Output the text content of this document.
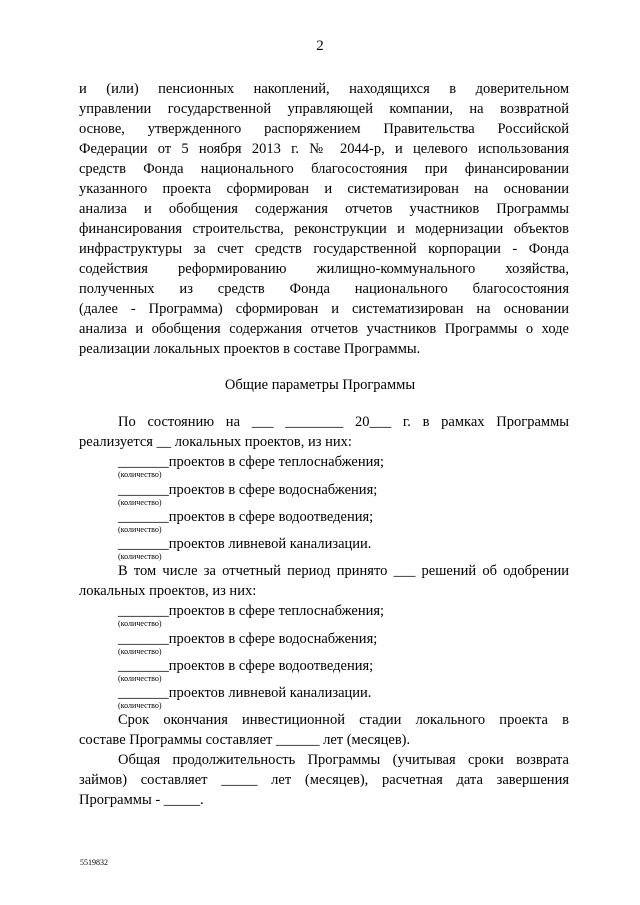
2
и (или) пенсионных накоплений, находящихся в доверительном
управлении государственной управляющей компании, на возвратной
основе, утвержденного распоряжением Правительства Российской
Федерации от 5 ноября 2013 г. № 2044-р, и целевого использования
средств Фонда национального благосостояния при финансировании
указанного проекта сформирован и систематизирован на основании
анализа и обобщения содержания отчетов участников Программы
финансирования строительства, реконструкции и модернизации объектов
инфраструктуры за счет средств государственной корпорации - Фонда
содействия реформированию жилищно-коммунального хозяйства,
полученных из средств Фонда национального благосостояния
(далее - Программа) сформирован и систематизирован на основании
анализа и обобщения содержания отчетов участников Программы о ходе
реализации локальных проектов в составе Программы.
Общие параметры Программы
По состоянию на ___ ________ 20___ г. в рамках Программы
реализуется __ локальных проектов, из них:
_______проектов в сфере теплоснабжения;
(количество)
_______проектов в сфере водоснабжения;
(количество)
_______проектов в сфере водоотведения;
(количество)
_______проектов ливневой канализации.
(количество)
В том числе за отчетный период принято ___ решений об одобрении
локальных проектов, из них:
_______проектов в сфере теплоснабжения;
(количество)
_______проектов в сфере водоснабжения;
(количество)
_______проектов в сфере водоотведения;
(количество)
_______проектов ливневой канализации.
(количество)
Срок окончания инвестиционной стадии локального проекта в
составе Программы составляет ______ лет (месяцев).
Общая продолжительность Программы (учитывая сроки возврата
займов) составляет _____ лет (месяцев), расчетная дата завершения
Программы - _____.
5519832
